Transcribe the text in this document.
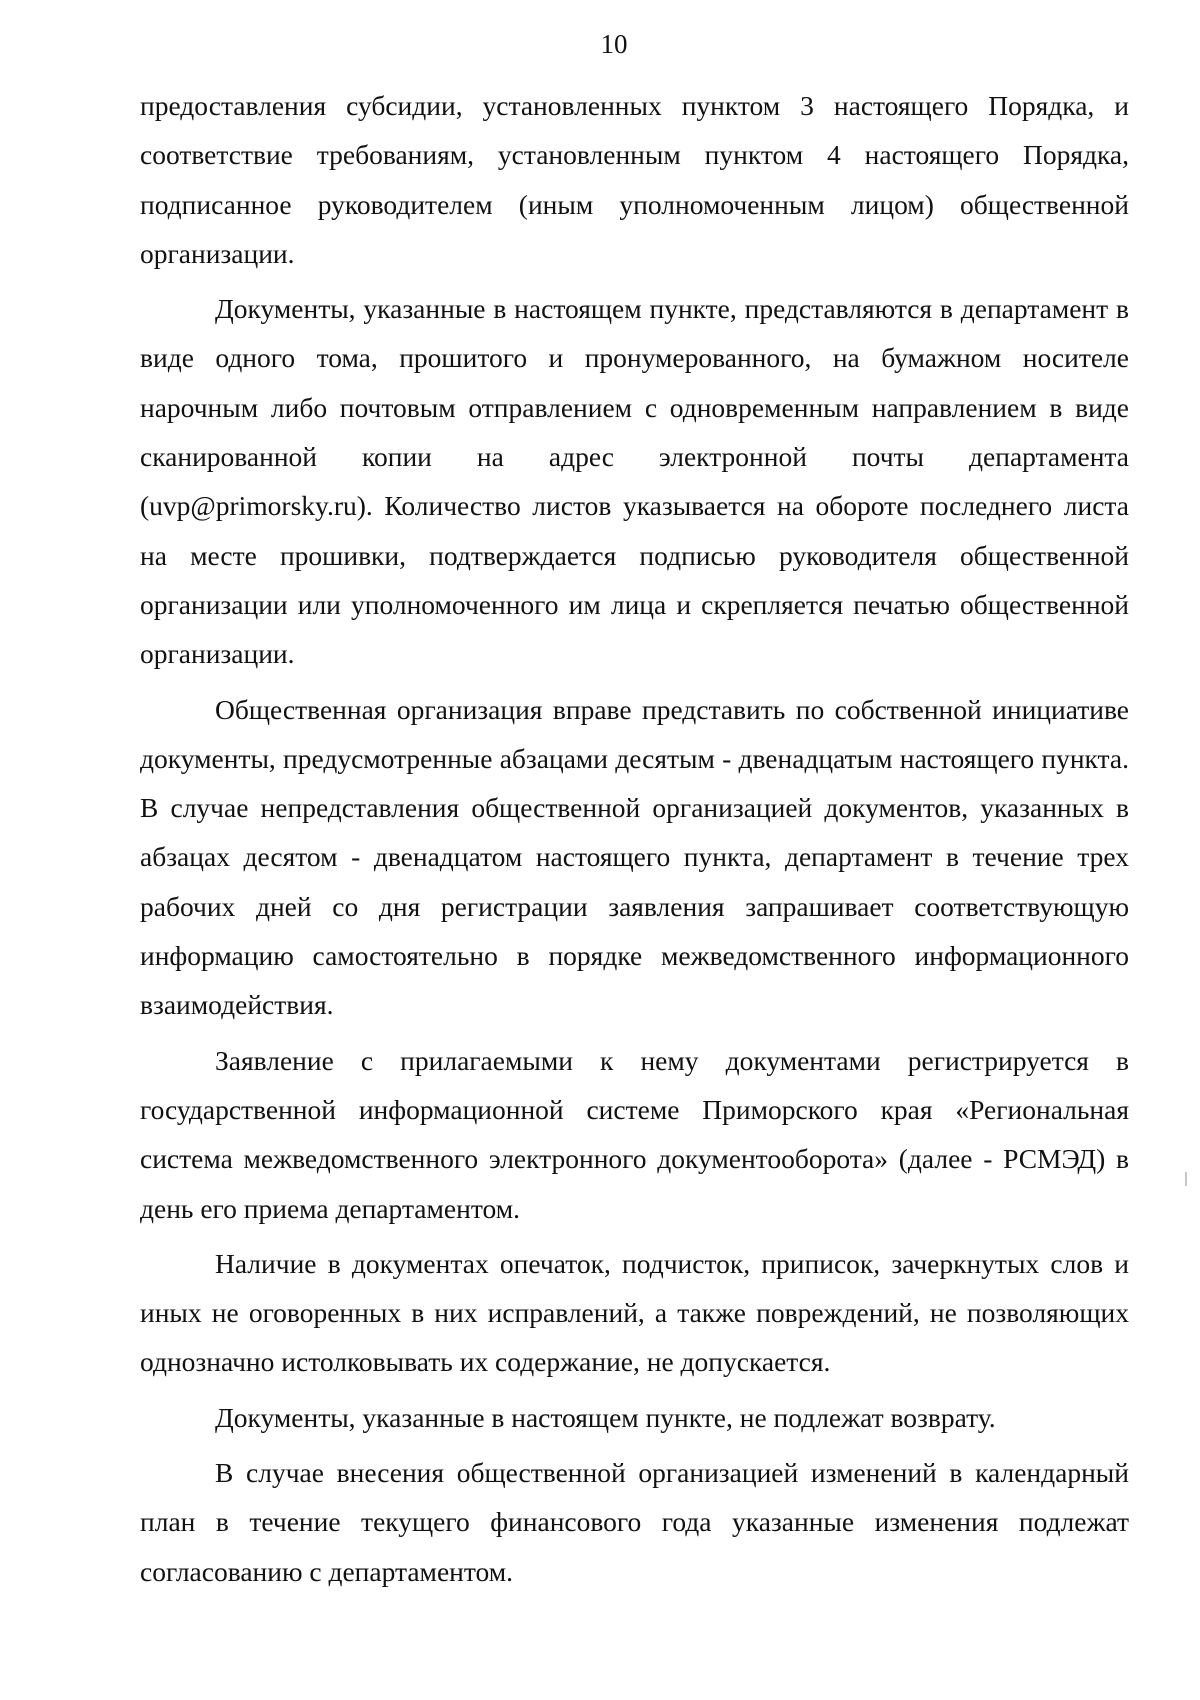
10

предоставления субсидии, установленных пунктом 3 настоящего Порядка, и соответствие требованиям, установленным пунктом 4 настоящего Порядка, подписанное руководителем (иным уполномоченным лицом) общественной организации.

Документы, указанные в настоящем пункте, представляются в департамент в виде одного тома, прошитого и пронумерованного, на бумажном носителе нарочным либо почтовым отправлением с одновременным направлением в виде сканированной копии на адрес электронной почты департамента (uvp@primorsky.ru). Количество листов указывается на обороте последнего листа на месте прошивки, подтверждается подписью руководителя общественной организации или уполномоченного им лица и скрепляется печатью общественной организации.

Общественная организация вправе представить по собственной инициативе документы, предусмотренные абзацами десятым - двенадцатым настоящего пункта. В случае непредставления общественной организацией документов, указанных в абзацах десятом - двенадцатом настоящего пункта, департамент в течение трех рабочих дней со дня регистрации заявления запрашивает соответствующую информацию самостоятельно в порядке межведомственного информационного взаимодействия.

Заявление с прилагаемыми к нему документами регистрируется в государственной информационной системе Приморского края «Региональная система межведомственного электронного документооборота» (далее - РСМЭД) в день его приема департаментом.

Наличие в документах опечаток, подчисток, приписок, зачеркнутых слов и иных не оговоренных в них исправлений, а также повреждений, не позволяющих однозначно истолковывать их содержание, не допускается.

Документы, указанные в настоящем пункте, не подлежат возврату.

В случае внесения общественной организацией изменений в календарный план в течение текущего финансового года указанные изменения подлежат согласованию с департаментом.
